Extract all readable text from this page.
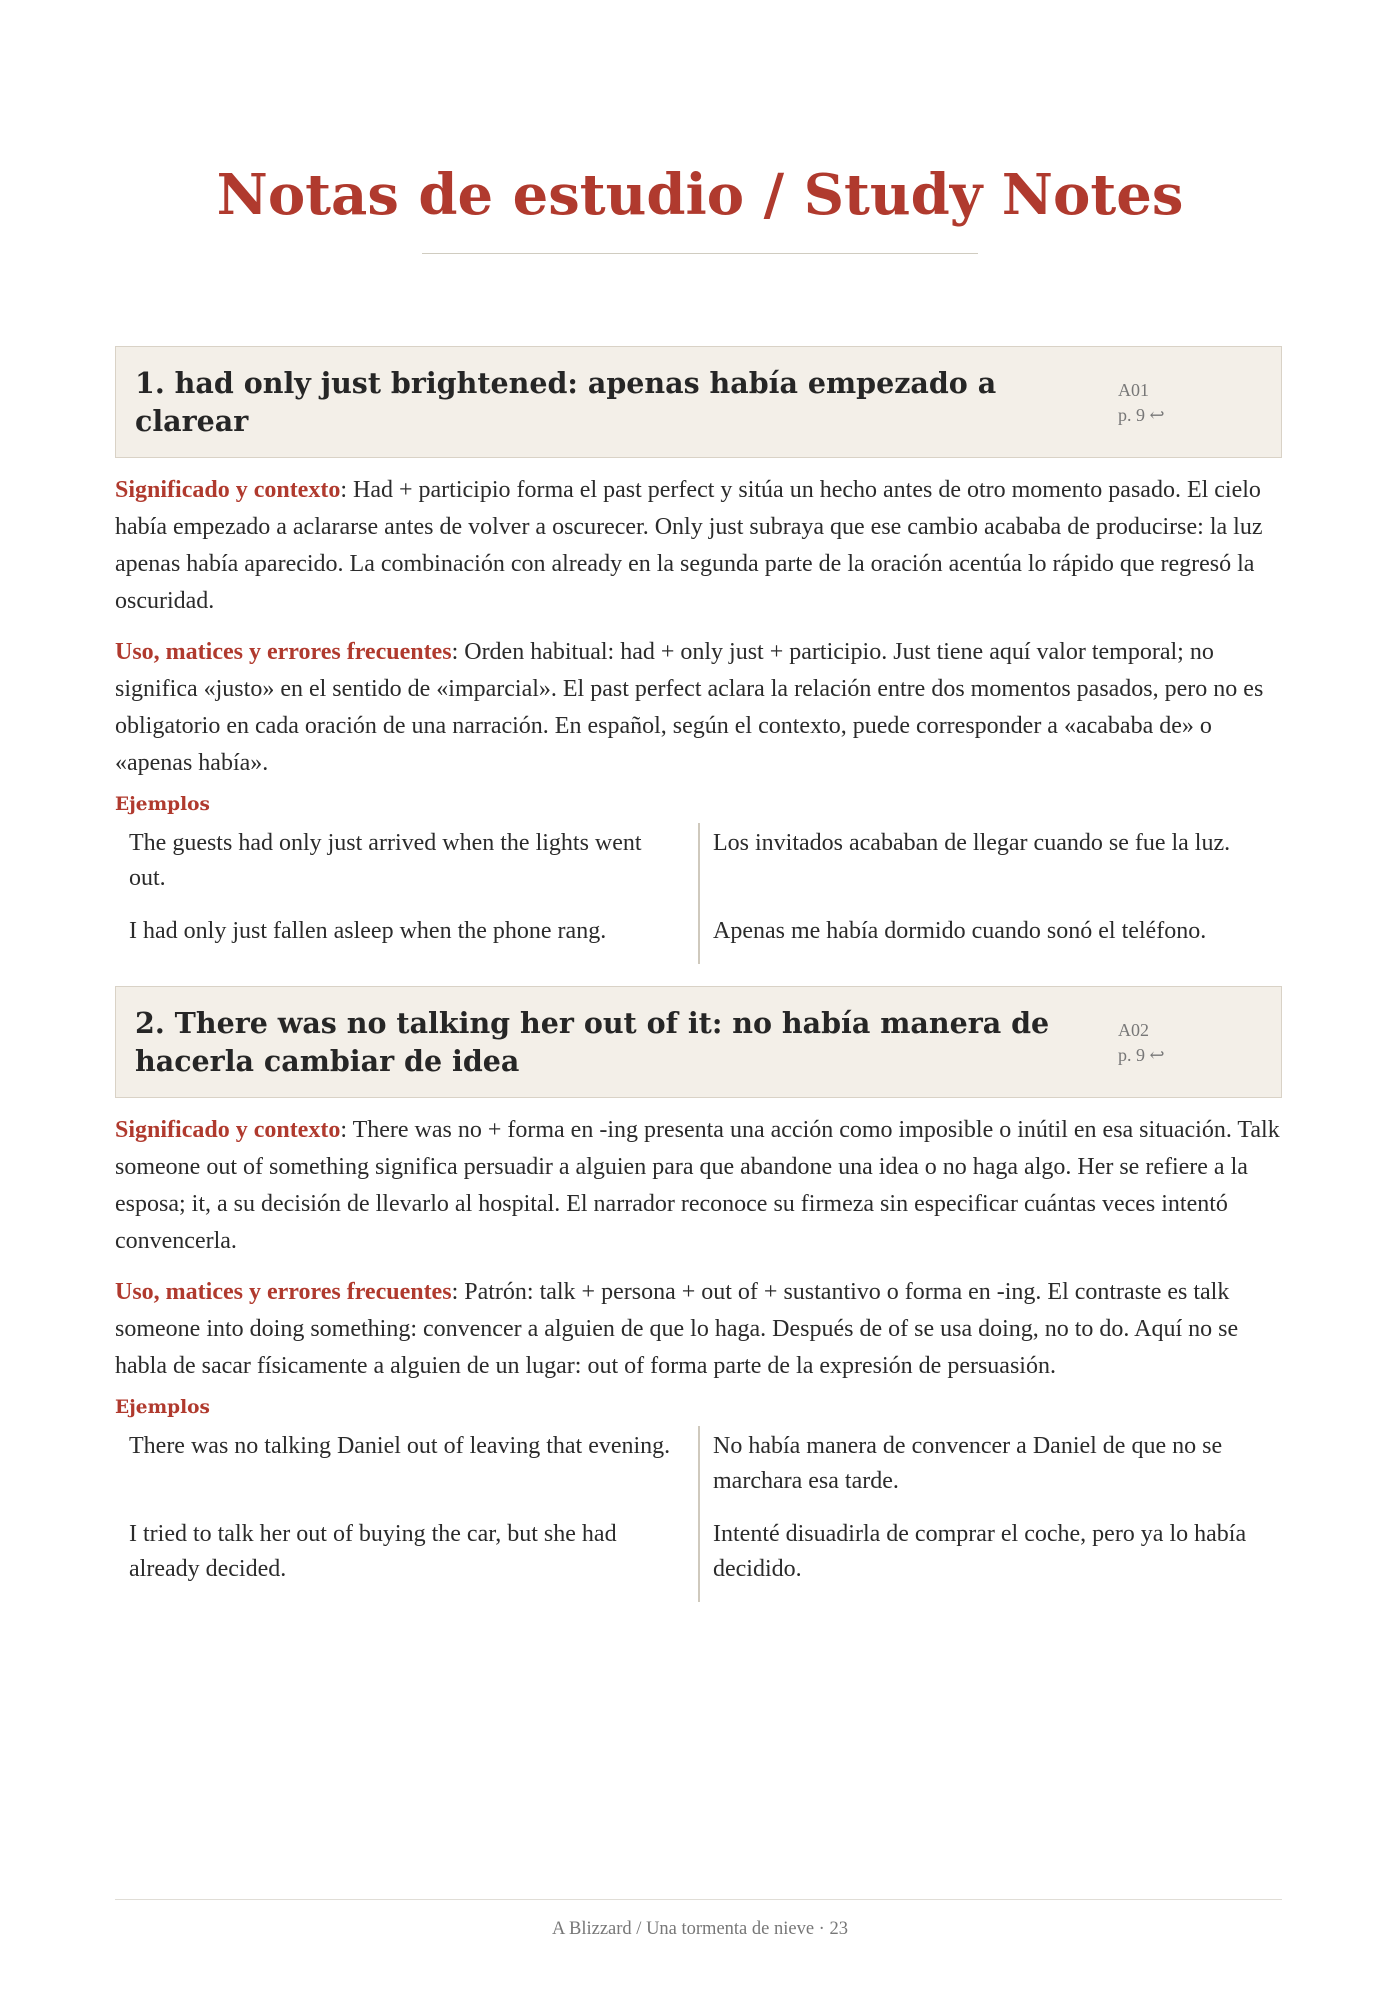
Notas de estudio / Study Notes
1. had only just brightened: apenas había empezado a clarear
A01
p. 9 ↩

Significado y contexto: Had + participio forma el past perfect y sitúa un hecho antes de otro momento pasado. El cielo había empezado a aclararse antes de volver a oscurecer. Only just subraya que ese cambio acababa de producirse: la luz apenas había aparecido. La combinación con already en la segunda parte de la oración acentúa lo rápido que regresó la oscuridad.

Uso, matices y errores frecuentes: Orden habitual: had + only just + participio. Just tiene aquí valor temporal; no significa «justo» en el sentido de «imparcial». El past perfect aclara la relación entre dos momentos pasados, pero no es obligatorio en cada oración de una narración. En español, según el contexto, puede corresponder a «acababa de» o «apenas había».

Ejemplos
The guests had only just arrived when the lights went out.
Los invitados acababan de llegar cuando se fue la luz.
I had only just fallen asleep when the phone rang.	Apenas me había dormido cuando sonó el teléfono.
2. There was no talking her out of it: no había manera de hacerla cambiar de idea
A02
p. 9 ↩

Significado y contexto: There was no + forma en -ing presenta una acción como imposible o inútil en esa situación. Talk someone out of something significa persuadir a alguien para que abandone una idea o no haga algo. Her se refiere a la esposa; it, a su decisión de llevarlo al hospital. El narrador reconoce su firmeza sin especificar cuántas veces intentó convencerla.

Uso, matices y errores frecuentes: Patrón: talk + persona + out of + sustantivo o forma en -ing. El contraste es talk someone into doing something: convencer a alguien de que lo haga. Después de of se usa doing, no to do. Aquí no se habla de sacar físicamente a alguien de un lugar: out of forma parte de la expresión de persuasión.

Ejemplos
There was no talking Daniel out of leaving that evening.	No había manera de convencer a Daniel de que no se marchara esa tarde.
I tried to talk her out of buying the car, but she had already decided.
Intenté disuadirla de comprar el coche, pero ya lo había decidido.
A Blizzard / Una tormenta de nieve · 23
